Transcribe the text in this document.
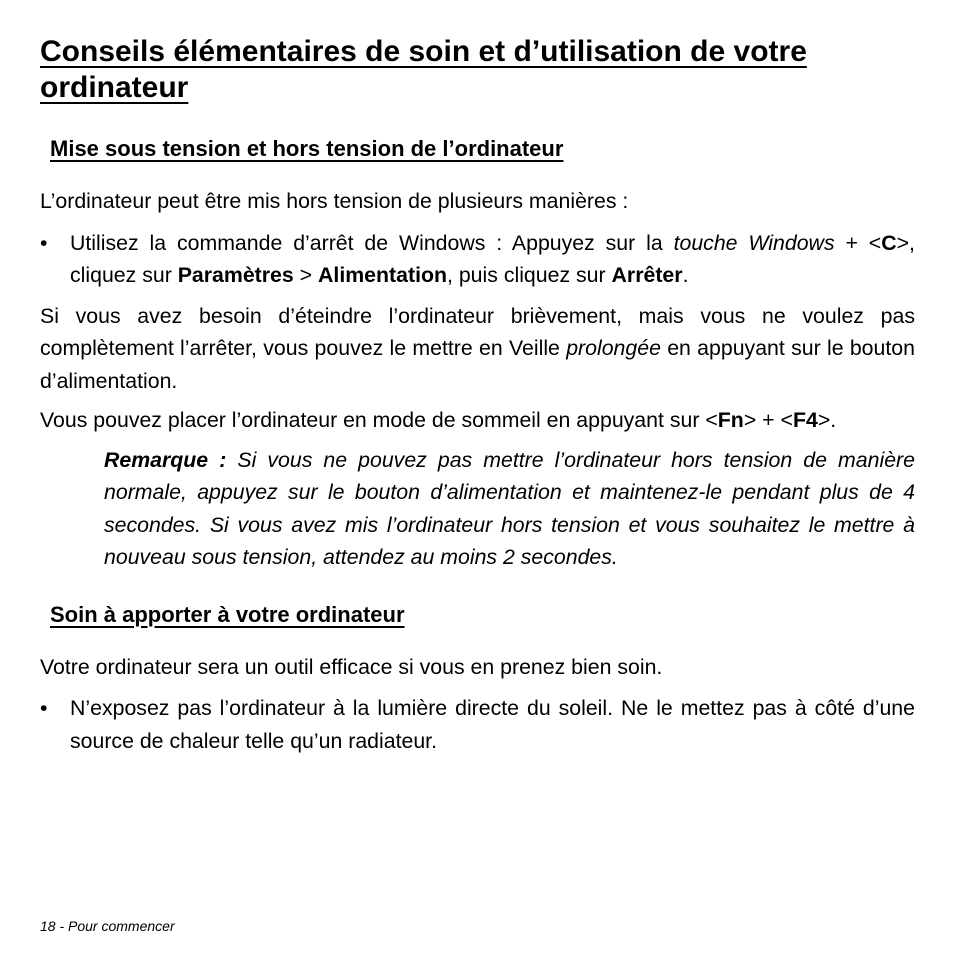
Conseils élémentaires de soin et d’utilisation de votre ordinateur
Mise sous tension et hors tension de l’ordinateur

L’ordinateur peut être mis hors tension de plusieurs manières :

•	Utilisez la commande d’arrêt de Windows : Appuyez sur la touche Windows + <C>, cliquez sur Paramètres > Alimentation, puis cliquez sur Arrêter.

Si vous avez besoin d’éteindre l’ordinateur brièvement, mais vous ne voulez pas complètement l’arrêter, vous pouvez le mettre en Veille prolongée en appuyant sur le bouton d’alimentation.

Vous pouvez placer l’ordinateur en mode de sommeil en appuyant sur <Fn> + <F4>.

Remarque : Si vous ne pouvez pas mettre l’ordinateur hors tension de manière normale, appuyez sur le bouton d’alimentation et maintenez-le pendant plus de 4 secondes. Si vous avez mis l’ordinateur hors tension et vous souhaitez le mettre à nouveau sous tension, attendez au moins 2 secondes.
Soin à apporter à votre ordinateur

Votre ordinateur sera un outil efficace si vous en prenez bien soin.

•	N’exposez pas l’ordinateur à la lumière directe du soleil. Ne le mettez pas à côté d’une source de chaleur telle qu’un radiateur.
18 - Pour commencer
